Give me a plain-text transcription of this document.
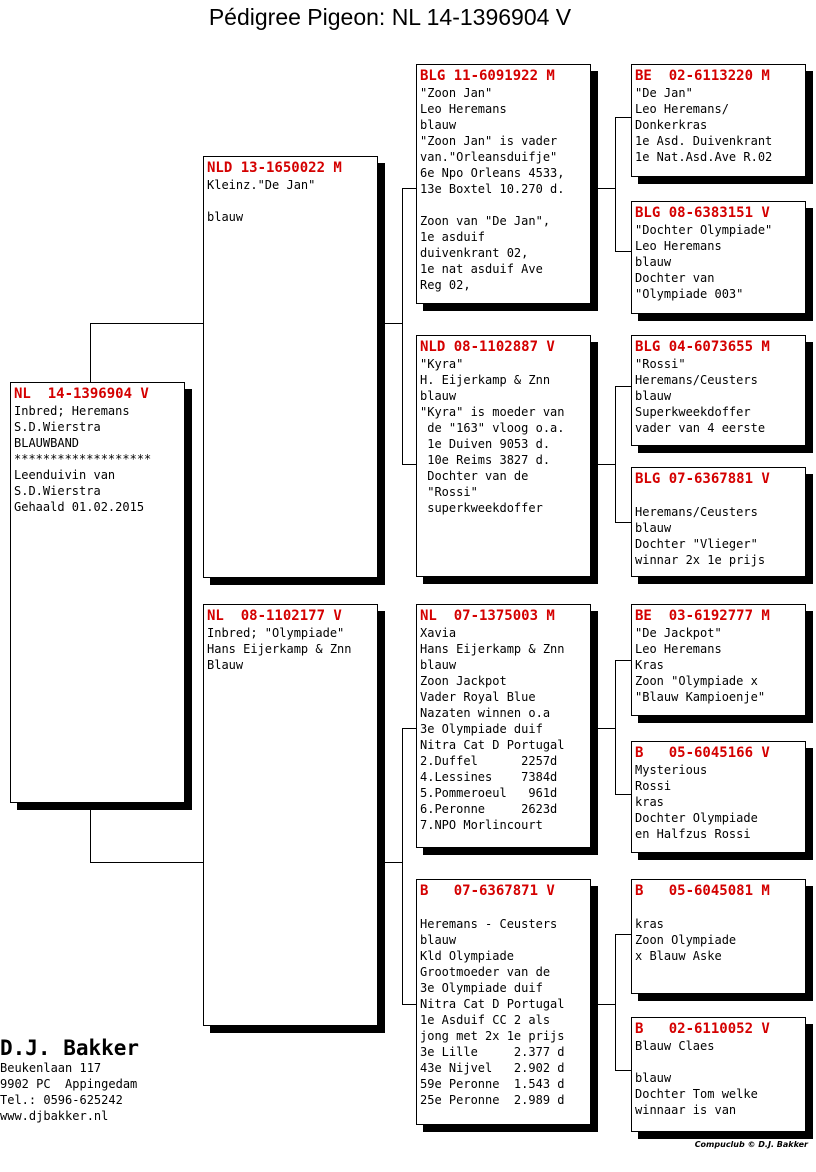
Pédigree Pigeon: NL 14-1396904 V
NL  14-1396904 V
Inbred; Heremans
S.D.Wierstra
BLAUWBAND
*******************
Leenduivin van
S.D.Wierstra
Gehaald 01.02.2015
NLD 13-1650022 M
Kleinz."De Jan"
blauw
NL  08-1102177 V
Inbred; "Olympiade"
Hans Eijerkamp & Znn
Blauw
BLG 11-6091922 M
"Zoon Jan"
Leo Heremans
blauw
"Zoon Jan" is vader
van."Orleansduifje"
6e Npo Orleans 4533,
13e Boxtel 10.270 d.
Zoon van "De Jan",
1e asduif
duivenkrant 02,
1e nat asduif Ave
Reg 02,
NLD 08-1102887 V
"Kyra"
H. Eijerkamp & Znn
blauw
"Kyra" is moeder van
de "163" vloog o.a.
1e Duiven 9053 d.
10e Reims 3827 d.
Dochter van de
"Rossi"
superkweekdoffer
NL  07-1375003 M
Xavia
Hans Eijerkamp & Znn
blauw
Zoon Jackpot
Vader Royal Blue
Nazaten winnen o.a
3e Olympiade duif
Nitra Cat D Portugal
2.Duffel      2257d
4.Lessines    7384d
5.Pommeroeul   961d
6.Peronne     2623d
7.NPO Morlincourt
B   07-6367871 V
Heremans - Ceusters
blauw
Kld Olympiade
Grootmoeder van de
3e Olympiade duif
Nitra Cat D Portugal
1e Asduif CC 2 als
jong met 2x 1e prijs
3e Lille     2.377 d
43e Nijvel   2.902 d
59e Peronne  1.543 d
25e Peronne  2.989 d
BE  02-6113220 M
"De Jan"
Leo Heremans/
Donkerkras
1e Asd. Duivenkrant
1e Nat.Asd.Ave R.02
BLG 08-6383151 V
"Dochter Olympiade"
Leo Heremans
blauw
Dochter van
"Olympiade 003"
BLG 04-6073655 M
"Rossi"
Heremans/Ceusters
blauw
Superkweekdoffer
vader van 4 eerste
BLG 07-6367881 V
Heremans/Ceusters
blauw
Dochter "Vlieger"
winnar 2x 1e prijs
BE  03-6192777 M
"De Jackpot"
Leo Heremans
Kras
Zoon "Olympiade x
"Blauw Kampioenje"
B   05-6045166 V
Mysterious
Rossi
kras
Dochter Olympiade
en Halfzus Rossi
B   05-6045081 M
kras
Zoon Olympiade
x Blauw Aske
B   02-6110052 V
Blauw Claes
blauw
Dochter Tom welke
winnaar is van
D.J. Bakker
Beukenlaan 117
9902 PC  Appingedam
Tel.: 0596-625242
www.djbakker.nl
Compuclub © D.J. Bakker
